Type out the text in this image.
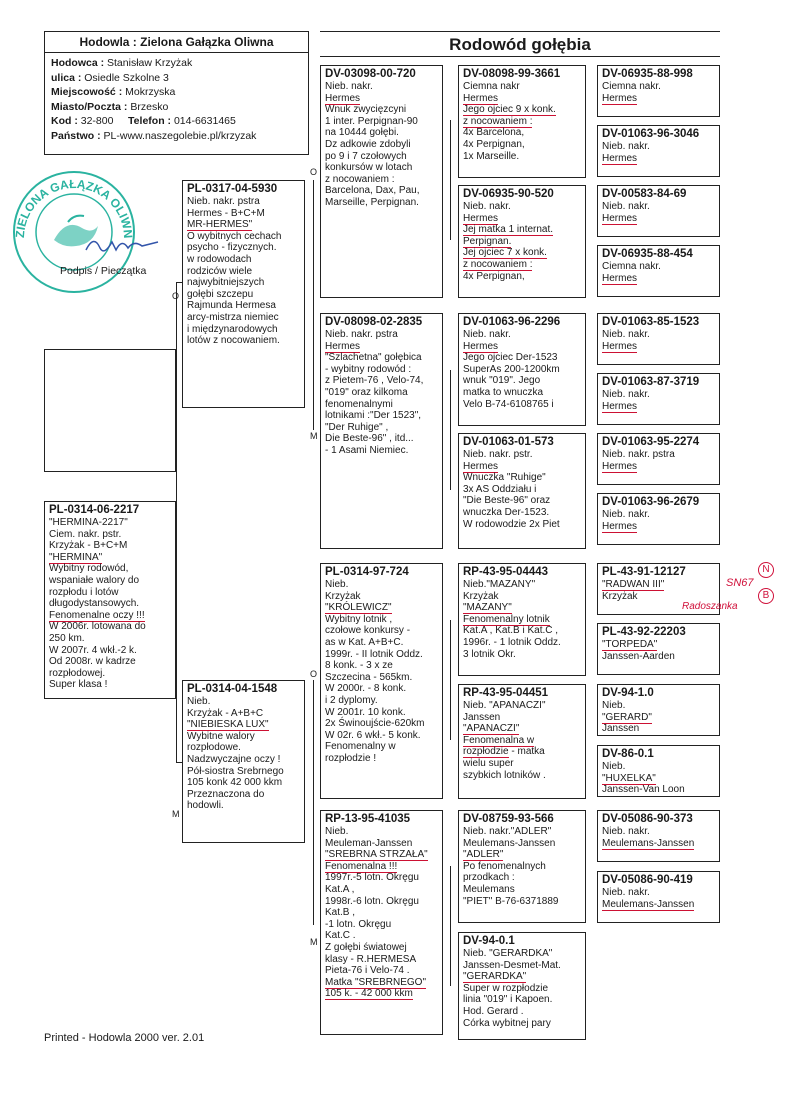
Hodowla : Zielona Gałązka Oliwna
Hodowca : Stanisław Krzyżak
ulica : Osiedle Szkolne 3
Miejscowość : Mokrzyska
Miasto/Poczta : Brzesko
Kod : 32-800 Telefon : 014-6631465
Państwo : PL-www.naszegolebie.pl/krzyzak
Rodowód gołębia
ZIELONA GAŁĄZKA OLIWN
Podpis / Pieczątka
PL-0314-06-2217
"HERMINA-2217"
Ciem. nakr. pstr.
Krzyżak - B+C+M
"HERMINA"
Wybitny rodowód,
wspaniałe walory do
rozpłodu i lotów
długodystansowych.
Fenomenalne oczy !!!
W 2006r. lotowana do
250 km.
W 2007r. 4 wkł.-2 k.
Od 2008r. w kadrze
rozpłodowej.
Super klasa !
PL-0317-04-5930
Nieb. nakr. pstra
Hermes - B+C+M
MR-HERMES"
O wybitnych cechach
psycho - fizycznych.
w rodowodach
rodziców wiele
najwybitniejszych
gołębi szczepu
Rajmunda Hermesa
arcy-mistrza niemiec
i międzynarodowych
lotów z nocowaniem.
PL-0314-04-1548
Nieb.
Krzyżak - A+B+C
"NIEBIESKA LUX"
Wybitne walory
rozpłodowe.
Nadzwyczajne oczy !
Pół-siostra Srebrnego
105 konk 42 000 kkm
Przeznaczona do
hodowli.
DV-03098-00-720
Nieb. nakr.
Hermes
Wnuk zwycięzcyni
1 inter. Perpignan-90
na 10444 gołębi.
Dz adkowie zdobyli
po 9 i 7 czołowych
konkursów w lotach
z nocowaniem :
Barcelona, Dax, Pau,
Marseille, Perpignan.
DV-08098-02-2835
Nieb. nakr. pstra
Hermes
"Szlachetna" gołębica
- wybitny rodowód :
z Pietem-76 , Velo-74,
"019" oraz kilkoma
fenomenalnymi
lotnikami :"Der 1523",
"Der Ruhige" ,
Die Beste-96" , itd...
- 1 Asami Niemiec.
PL-0314-97-724
Nieb.
Krzyżak
"KRÓLEWICZ"
Wybitny lotnik ,
czołowe konkursy -
as w Kat. A+B+C.
1999r. - II lotnik Oddz.
8 konk. - 3 x ze
Szczecina - 565km.
W 2000r. - 8 konk.
i 2 dyplomy.
W 2001r. 10 konk.
2x Świnoujście-620km
W 02r. 6 wkł.- 5 konk.
Fenomenalny w
rozpłodzie !
RP-13-95-41035
Nieb.
Meuleman-Janssen
"SREBRNA STRZAŁA"
Fenomenalna !!!
1997r.-5 lotn. Okręgu
Kat.A ,
1998r.-6 lotn. Okręgu
Kat.B ,
-1 lotn. Okręgu
Kat.C .
Z gołębi światowej
klasy - R.HERMESA
Pieta-76 i Velo-74 .
Matka "SREBRNEGO"
105 k. - 42 000 kkm
DV-08098-99-3661
Ciemna nakr
Hermes
Jego ojciec 9 x konk.
z nocowaniem :
4x Barcelona,
4x Perpignan,
1x Marseille.
DV-06935-90-520
Nieb. nakr.
Hermes
Jej matka 1 internat.
Perpignan.
Jej ojciec 7 x konk.
z nocowaniem :
4x Perpignan,
DV-01063-96-2296
Nieb. nakr.
Hermes
Jego ojciec Der-1523
SuperAs 200-1200km
wnuk "019". Jego
matka to wnuczka
Velo B-74-6108765 i
DV-01063-01-573
Nieb. nakr. pstr.
Hermes
Wnuczka "Ruhige"
3x AS Oddziału i
"Die Beste-96" oraz
wnuczka Der-1523.
W rodowodzie 2x Piet
RP-43-95-04443
Nieb."MAZANY"
Krzyżak
"MAZANY"
Fenomenalny lotnik
Kat.A , Kat.B i Kat.C ,
1996r. - 1 lotnik Oddz.
3 lotnik Okr.
RP-43-95-04451
Nieb. "APANACZI"
Janssen
"APANACZI"
Fenomenalna w
rozpłodzie - matka
wielu super
szybkich lotników .
DV-08759-93-566
Nieb. nakr."ADLER"
Meulemans-Janssen
"ADLER"
Po fenomenalnych
przodkach :
Meulemans
"PIET" B-76-6371889
DV-94-0.1
Nieb. "GERARDKA"
Janssen-Desmet-Mat.
"GERARDKA"
Super w rozpłodzie
linia "019" i Kapoen.
Hod. Gerard .
Córka wybitnej pary
DV-06935-88-998
Ciemna nakr.
Hermes
DV-01063-96-3046
Nieb. nakr.
Hermes
DV-00583-84-69
Nieb. nakr.
Hermes
DV-06935-88-454
Ciemna nakr.
Hermes
DV-01063-85-1523
Nieb. nakr.
Hermes
DV-01063-87-3719
Nieb. nakr.
Hermes
DV-01063-95-2274
Nieb. nakr. pstra
Hermes
DV-01063-96-2679
Nieb. nakr.
Hermes
PL-43-91-12127
"RADWAN III"
Krzyżak
PL-43-92-22203
"TORPEDA"
Janssen-Aarden
DV-94-1.0
Nieb.
"GERARD"
Janssen
DV-86-0.1
Nieb.
"HUXELKA"
Janssen-Van Loon
DV-05086-90-373
Nieb. nakr.
Meulemans-Janssen
DV-05086-90-419
Nieb. nakr.
Meulemans-Janssen
O
M
O
M
O
M
SN67
Radoszanka
N
B
Printed - Hodowla 2000 ver. 2.01
